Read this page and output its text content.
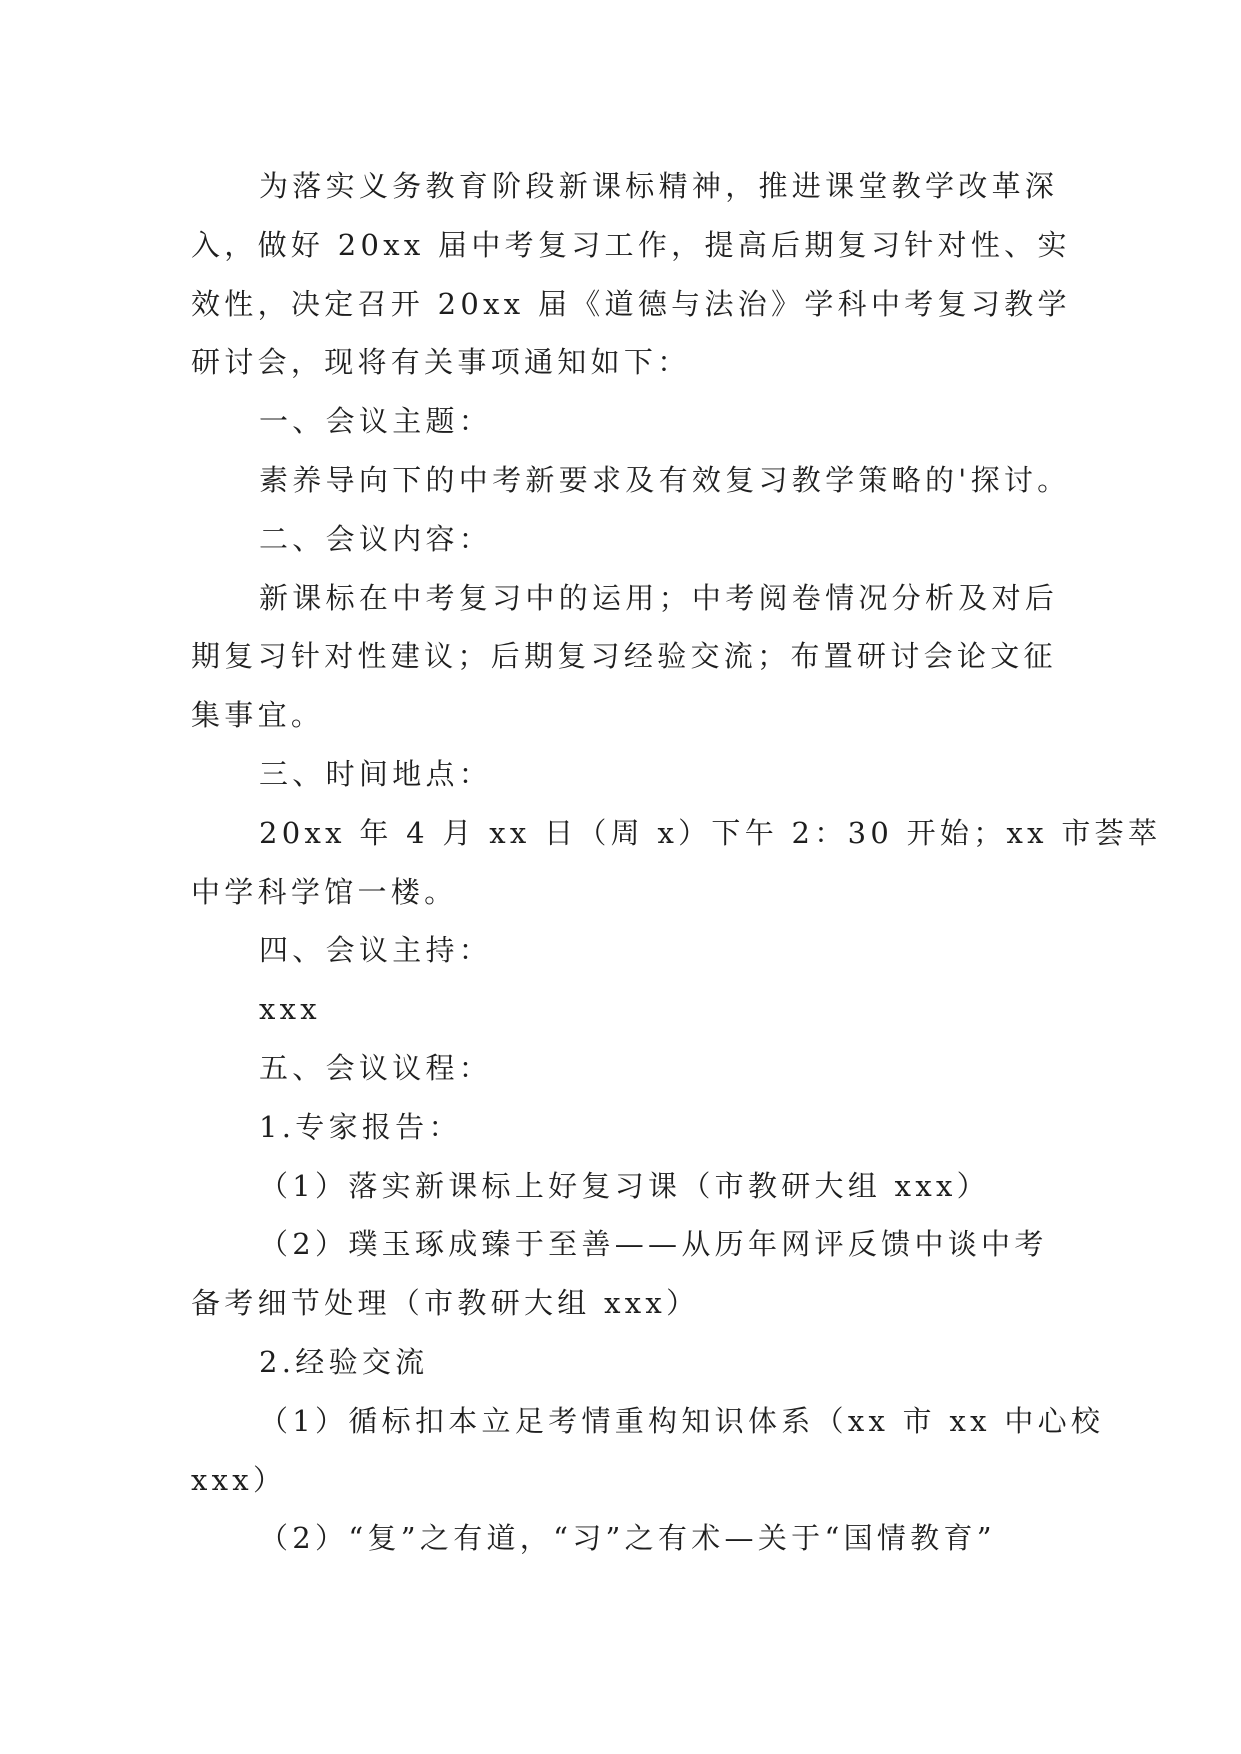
为落实义务教育阶段新课标精神，推进课堂教学改革深
入，做好 20xx 届中考复习工作，提高后期复习针对性、实
效性，决定召开 20xx 届《道德与法治》学科中考复习教学
研讨会，现将有关事项通知如下：
一、会议主题：
素养导向下的中考新要求及有效复习教学策略的'探讨。
二、会议内容：
新课标在中考复习中的运用；中考阅卷情况分析及对后
期复习针对性建议；后期复习经验交流；布置研讨会论文征
集事宜。
三、时间地点：
20xx 年 4 月 xx 日（周 x）下午 2：30 开始；xx 市荟萃
中学科学馆一楼。
四、会议主持：
xxx
五、会议议程：
1.专家报告：
（1）落实新课标上好复习课（市教研大组 xxx）
（2）璞玉琢成臻于至善——从历年网评反馈中谈中考
备考细节处理（市教研大组 xxx）
2.经验交流
（1）循标扣本立足考情重构知识体系（xx 市 xx 中心校
xxx）
（2）“复”之有道，“习”之有术—关于“国情教育”
